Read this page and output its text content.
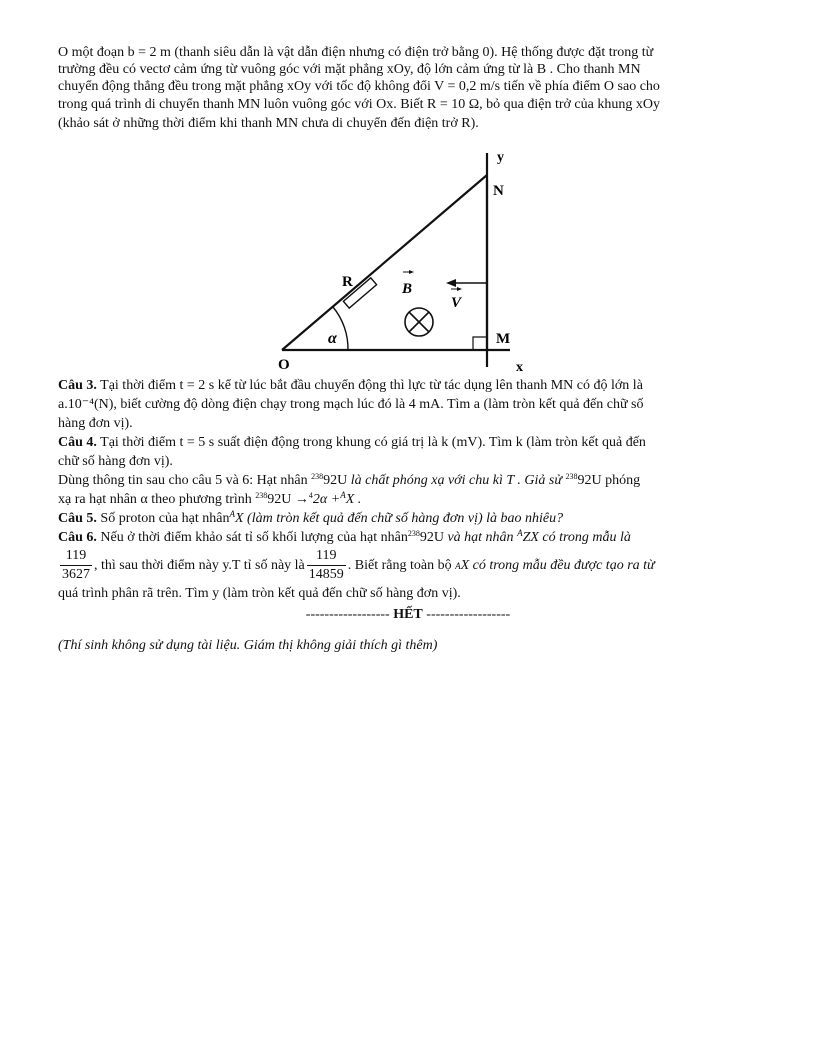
O một đoạn b = 2 m (thanh siêu dẫn là vật dẫn điện nhưng có điện trở bằng 0). Hệ thống được đặt trong từ

trường đều có vectơ cảm ứng từ vuông góc với mặt phẳng xOy, độ lớn cảm ứng từ là B . Cho thanh MN

chuyển động thẳng đều trong mặt phẳng xOy với tốc độ không đổi V = 0,2 m/s tiến về phía điểm O sao cho

trong quá trình di chuyển thanh MN luôn vuông góc với Ox. Biết R = 10 Ω, bỏ qua điện trở của khung xOy

(khảo sát ở những thời điểm khi thanh MN chưa di chuyển đến điện trở R).

y
N
R	B
V
α	M
O	x

Câu 3. Tại thời điểm t = 2 s kể từ lúc bắt đầu chuyển động thì lực từ tác dụng lên thanh MN có độ lớn là

a.10⁻⁴(N), biết cường độ dòng điện chạy trong mạch lúc đó là 4 mA. Tìm a (làm tròn kết quả đến chữ số

hàng đơn vị).

Câu 4. Tại thời điểm t = 5 s suất điện động trong khung có giá trị là k (mV). Tìm k (làm tròn kết quả đến

chữ số hàng đơn vị).

Dùng thông tin sau cho câu 5 và 6: Hạt nhân $^{238}$92U là chất phóng xạ với chu kì T . Giả sử $^{238}$92U phóng

xạ ra hạt nhân α theo phương trình $^{238}$92U →$^4$2α +$^A$X .

Câu 5. Số proton của hạt nhân$^A$X (làm tròn kết quả đến chữ số hàng đơn vị) là bao nhiêu?

Câu 6. Nếu ở thời điểm khảo sát tỉ số khối lượng của hạt nhân$^{238}$92U và hạt nhân $^A$ZX có trong mẫu là

$\frac{119}{3627}$ , thì sau thời điểm này y.T tỉ số này là $\frac{119}{14859}$ . Biết rằng toàn bộ
A X có trong mẫu đều được tạo ra từ

quá trình phân rã trên. Tìm y (làm tròn kết quả đến chữ số hàng đơn vị).

------------------ HẾT ------------------

(Thí sinh không sử dụng tài liệu. Giám thị không giải thích gì thêm)
